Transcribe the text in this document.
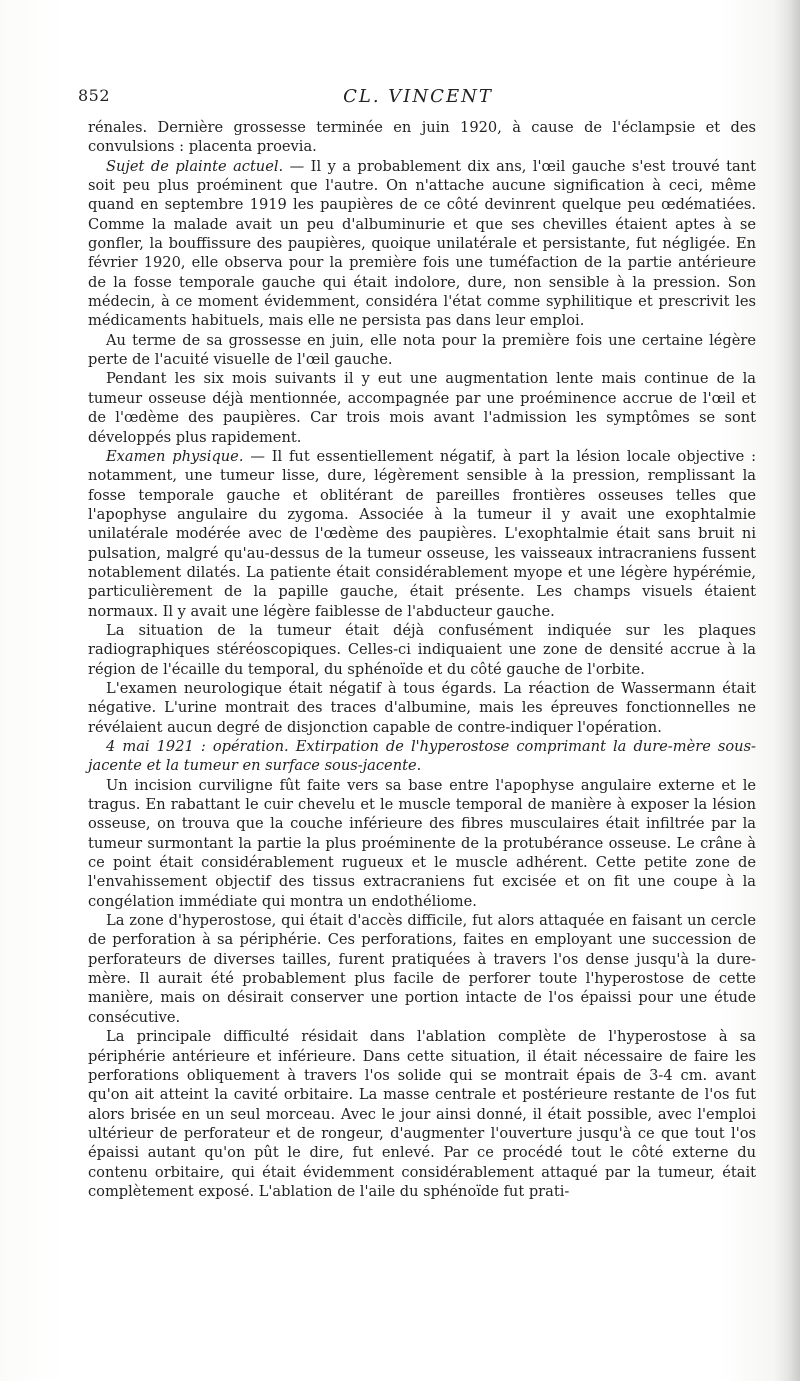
852	CL. VINCENT

rénales. Dernière grossesse terminée en juin 1920, à cause de l'éclampsie et des convulsions : placenta proevia.

Sujet de plainte actuel. — Il y a probablement dix ans, l'œil gauche s'est trouvé tant soit peu plus proéminent que l'autre. On n'attache aucune signification à ceci, même quand en septembre 1919 les paupières de ce côté devinrent quelque peu œdématiées. Comme la malade avait un peu d'albuminurie et que ses chevilles étaient aptes à se gonfler, la bouffissure des paupières, quoique unilatérale et persistante, fut négligée. En février 1920, elle observa pour la première fois une tuméfaction de la partie antérieure de la fosse temporale gauche qui était indolore, dure, non sensible à la pression. Son médecin, à ce moment évidemment, considéra l'état comme syphilitique et prescrivit les médicaments habituels, mais elle ne persista pas dans leur emploi.

Au terme de sa grossesse en juin, elle nota pour la première fois une certaine légère perte de l'acuité visuelle de l'œil gauche.

Pendant les six mois suivants il y eut une augmentation lente mais continue de la tumeur osseuse déjà mentionnée, accompagnée par une proéminence accrue de l'œil et de l'œdème des paupières. Car trois mois avant l'admission les symptômes se sont développés plus rapidement.

Examen physique. — Il fut essentiellement négatif, à part la lésion locale objective : notamment, une tumeur lisse, dure, légèrement sensible à la pression, remplissant la fosse temporale gauche et oblitérant de pareilles frontières osseuses telles que l'apophyse angulaire du zygoma. Associée à la tumeur il y avait une exophtalmie unilatérale modérée avec de l'œdème des paupières. L'exophtalmie était sans bruit ni pulsation, malgré qu'au-dessus de la tumeur osseuse, les vaisseaux intracraniens fussent notablement dilatés. La patiente était considérablement myope et une légère hypérémie, particulièrement de la papille gauche, était présente. Les champs visuels étaient normaux. Il y avait une légère faiblesse de l'abducteur gauche.

La situation de la tumeur était déjà confusément indiquée sur les plaques radiographiques stéréoscopiques. Celles-ci indiquaient une zone de densité accrue à la région de l'écaille du temporal, du sphénoïde et du côté gauche de l'orbite.

L'examen neurologique était négatif à tous égards. La réaction de Wassermann était négative. L'urine montrait des traces d'albumine, mais les épreuves fonctionnelles ne révélaient aucun degré de disjonction capable de contre-indiquer l'opération.

4 mai 1921 : opération. Extirpation de l'hyperostose comprimant la dure-mère sous-jacente et la tumeur en surface sous-jacente.

Un incision curviligne fût faite vers sa base entre l'apophyse angulaire externe et le tragus. En rabattant le cuir chevelu et le muscle temporal de manière à exposer la lésion osseuse, on trouva que la couche inférieure des fibres musculaires était infiltrée par la tumeur surmontant la partie la plus proéminente de la protubérance osseuse. Le crâne à ce point était considérablement rugueux et le muscle adhérent. Cette petite zone de l'envahissement objectif des tissus extracraniens fut excisée et on fit une coupe à la congélation immédiate qui montra un endothéliome.

La zone d'hyperostose, qui était d'accès difficile, fut alors attaquée en faisant un cercle de perforation à sa périphérie. Ces perforations, faites en employant une succession de perforateurs de diverses tailles, furent pratiquées à travers l'os dense jusqu'à la dure-mère. Il aurait été probablement plus facile de perforer toute l'hyperostose de cette manière, mais on désirait conserver une portion intacte de l'os épaissi pour une étude consécutive.

La principale difficulté résidait dans l'ablation complète de l'hyperostose à sa périphérie antérieure et inférieure. Dans cette situation, il était nécessaire de faire les perforations obliquement à travers l'os solide qui se montrait épais de 3-4 cm. avant qu'on ait atteint la cavité orbitaire. La masse centrale et postérieure restante de l'os fut alors brisée en un seul morceau. Avec le jour ainsi donné, il était possible, avec l'emploi ultérieur de perforateur et de rongeur, d'augmenter l'ouverture jusqu'à ce que tout l'os épaissi autant qu'on pût le dire, fut enlevé. Par ce procédé tout le côté externe du contenu orbitaire, qui était évidemment considérablement attaqué par la tumeur, était complètement exposé. L'ablation de l'aile du sphénoïde fut prati-
